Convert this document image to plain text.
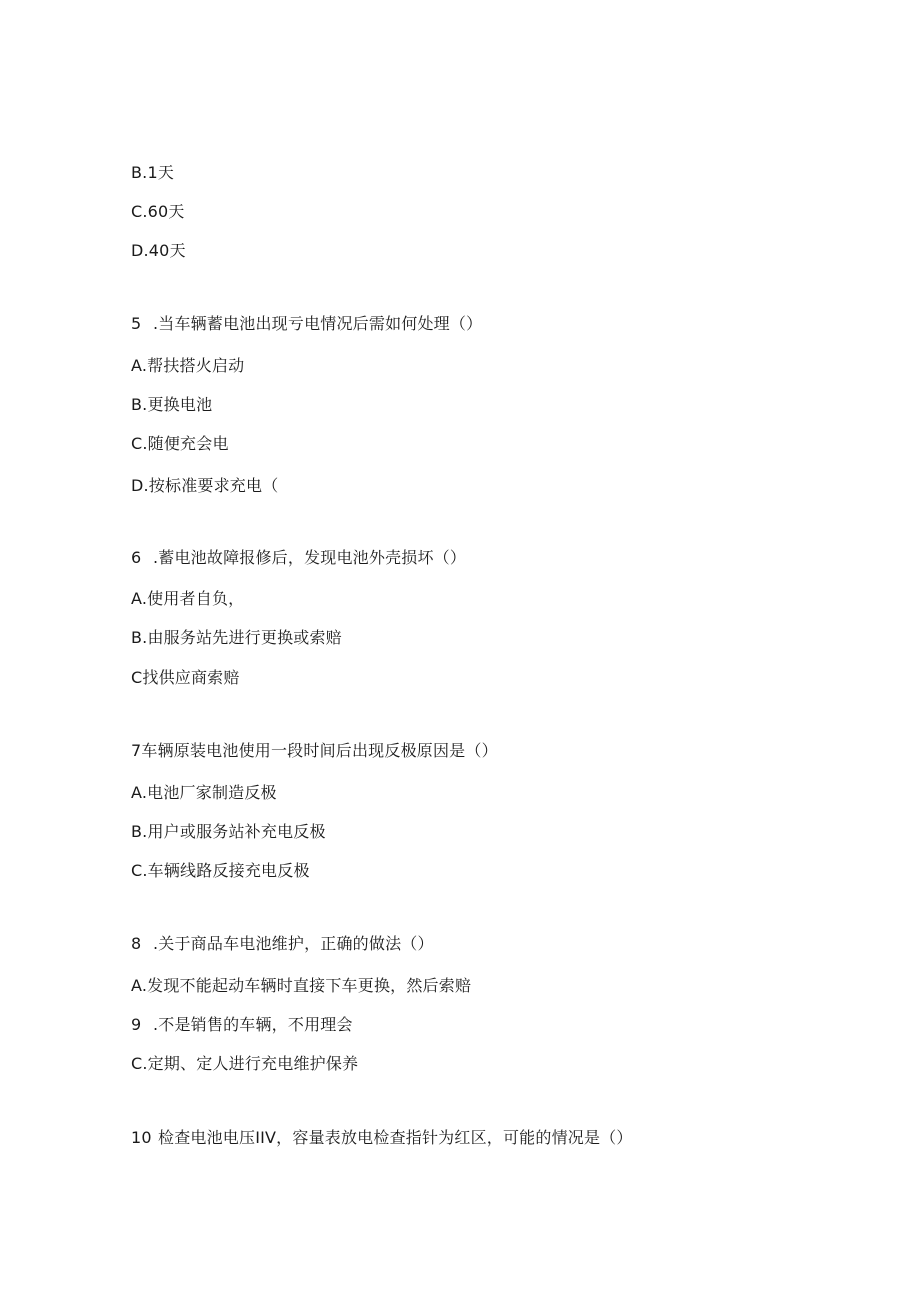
B.1天
C.60天
D.40天
5 .当车辆蓄电池出现亏电情况后需如何处理（）
A.帮扶搭火启动
B.更换电池
C.随便充会电
D.按标准要求充电（
6 .蓄电池故障报修后，发现电池外壳损坏（）
A.使用者自负，
B.由服务站先进行更换或索赔
C找供应商索赔
7车辆原装电池使用一段时间后出现反极原因是（）
A.电池厂家制造反极
B.用户或服务站补充电反极
C.车辆线路反接充电反极
8 .关于商品车电池维护，正确的做法（）
A.发现不能起动车辆时直接下车更换，然后索赔
9 .不是销售的车辆，不用理会
C.定期、定人进行充电维护保养
10 检查电池电压IIV，容量表放电检查指针为红区，可能的情况是（）
